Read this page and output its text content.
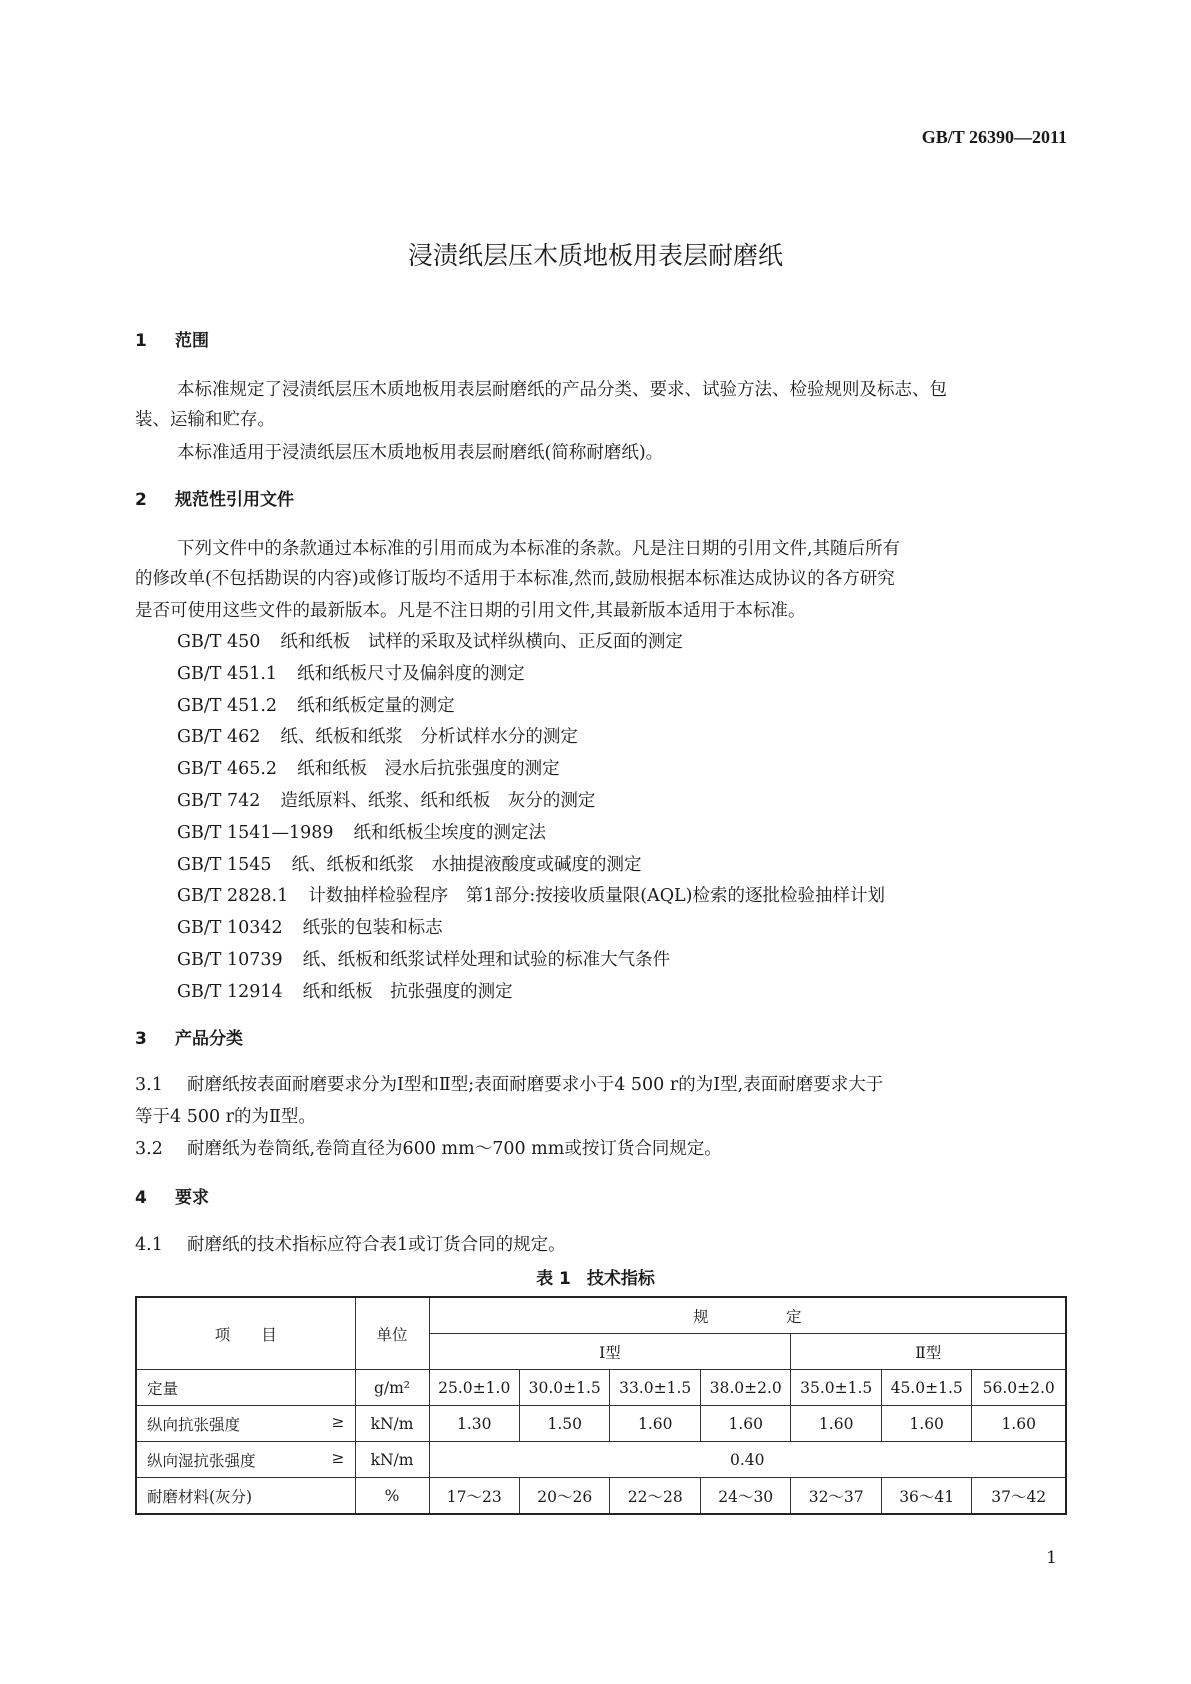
GB/T 26390—2011
浸渍纸层压木质地板用表层耐磨纸
1 范围
本标准规定了浸渍纸层压木质地板用表层耐磨纸的产品分类、要求、试验方法、检验规则及标志、包
装、运输和贮存。
本标准适用于浸渍纸层压木质地板用表层耐磨纸(简称耐磨纸)。
2 规范性引用文件
下列文件中的条款通过本标准的引用而成为本标准的条款。凡是注日期的引用文件,其随后所有
的修改单(不包括勘误的内容)或修订版均不适用于本标准,然而,鼓励根据本标准达成协议的各方研究
是否可使用这些文件的最新版本。凡是不注日期的引用文件,其最新版本适用于本标准。
GB/T 450 纸和纸板　试样的采取及试样纵横向、正反面的测定
GB/T 451.1 纸和纸板尺寸及偏斜度的测定
GB/T 451.2 纸和纸板定量的测定
GB/T 462 纸、纸板和纸浆　分析试样水分的测定
GB/T 465.2 纸和纸板　浸水后抗张强度的测定
GB/T 742 造纸原料、纸浆、纸和纸板　灰分的测定
GB/T 1541—1989 纸和纸板尘埃度的测定法
GB/T 1545 纸、纸板和纸浆　水抽提液酸度或碱度的测定
GB/T 2828.1 计数抽样检验程序　第1部分:按接收质量限(AQL)检索的逐批检验抽样计划
GB/T 10342 纸张的包装和标志
GB/T 10739 纸、纸板和纸浆试样处理和试验的标准大气条件
GB/T 12914 纸和纸板　抗张强度的测定
3 产品分类
3.1 耐磨纸按表面耐磨要求分为Ⅰ型和Ⅱ型;表面耐磨要求小于4 500 r的为Ⅰ型,表面耐磨要求大于
等于4 500 r的为Ⅱ型。
3.2 耐磨纸为卷筒纸,卷筒直径为600 mm～700 mm或按订货合同规定。
4 要求
4.1 耐磨纸的技术指标应符合表1或订货合同的规定。
表 1 技术指标
项　　目	单位	规　　　　　定						
		Ⅰ型				Ⅱ型		
定量	g/m²	25.0±1.0	30.0±1.5	33.0±1.5	38.0±2.0	35.0±1.5	45.0±1.5	56.0±2.0
纵向抗张强度 ≥	kN/m	1.30	1.50	1.60	1.60	1.60	1.60	1.60
纵向湿抗张强度 ≥	kN/m	0.40						
耐磨材料(灰分)	%	17～23	20～26	22～28	24～30	32～37	36～41	37～42
1
